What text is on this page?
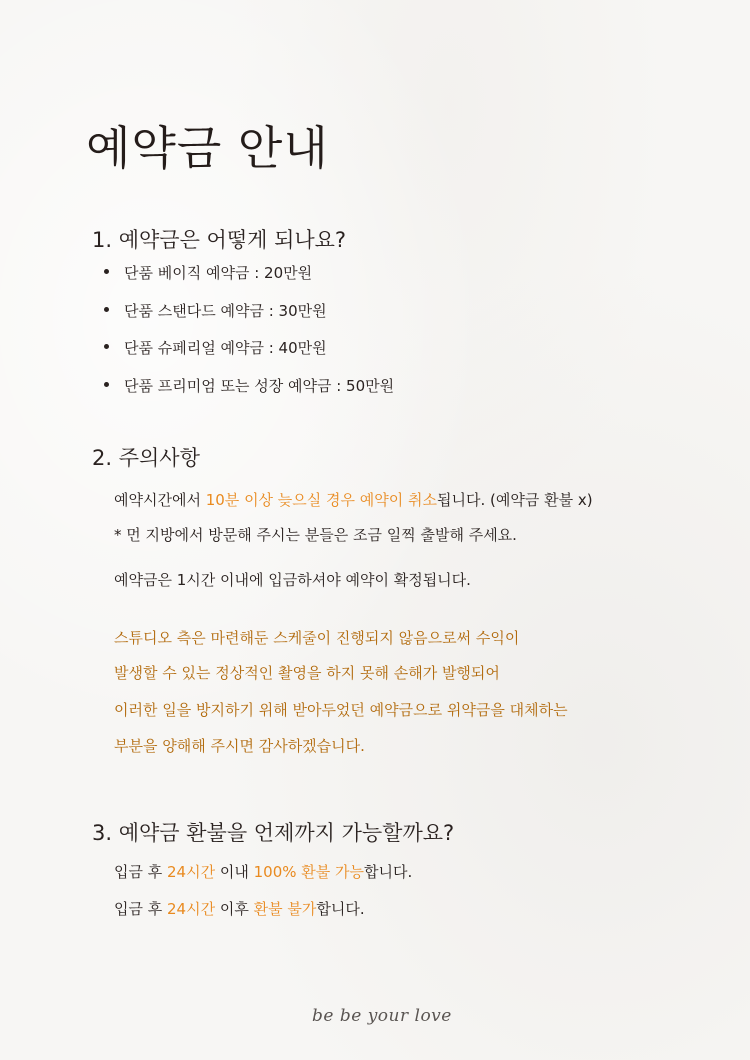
예약금 안내
1. 예약금은 어떻게 되나요?
단품 베이직 예약금 : 20만원
단품 스탠다드 예약금 : 30만원
단품 슈페리얼 예약금 : 40만원
단품 프리미엄 또는 성장 예약금 : 50만원
2. 주의사항
예약시간에서 10분 이상 늦으실 경우 예약이 취소됩니다. (예약금 환불 x)
* 먼 지방에서 방문해 주시는 분들은 조금 일찍 출발해 주세요.
예약금은 1시간 이내에 입금하셔야 예약이 확정됩니다.
스튜디오 측은 마련해둔 스케줄이 진행되지 않음으로써 수익이
발생할 수 있는 정상적인 촬영을 하지 못해 손해가 발행되어
이러한 일을 방지하기 위해 받아두었던 예약금으로 위약금을 대체하는
부분을 양해해 주시면 감사하겠습니다.
3. 예약금 환불을 언제까지 가능할까요?
입금 후 24시간 이내 100% 환불 가능합니다.
입금 후 24시간 이후 환불 불가합니다.
be be your love
